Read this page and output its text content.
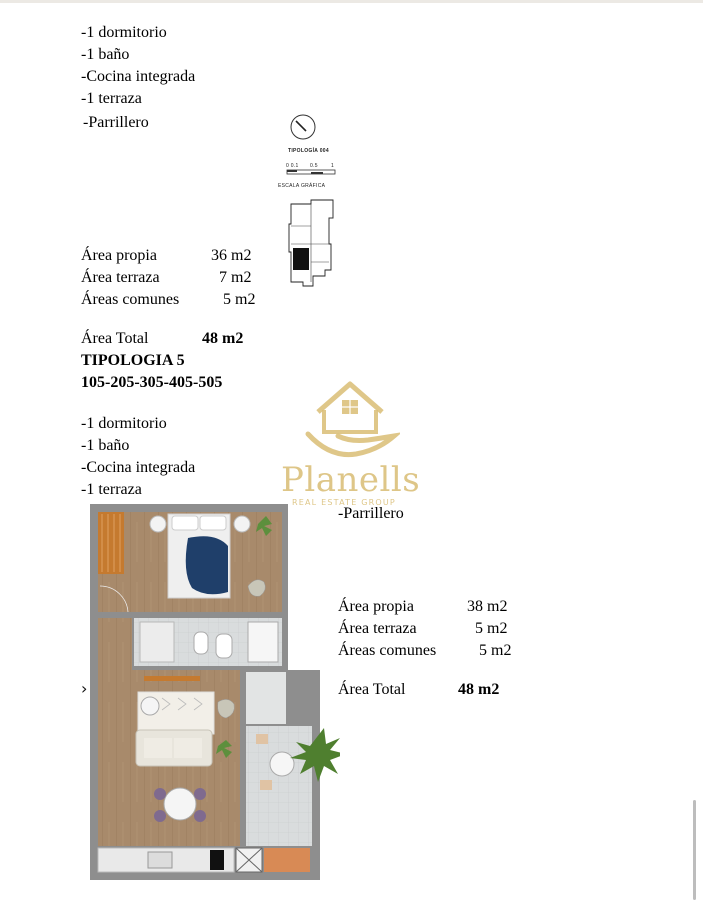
-1 dormitorio
-1 baño
-Cocina integrada
-1 terraza
-Parrillero
TIPOLOGÍA 004
0 0.1 0.5	1
ESCALA GRÁFICA
Área propia	36 m2
Área terraza	7 m2
Áreas comunes	5 m2
Área Total	48 m2
TIPOLOGIA 5
105-205-305-405-505
-1 dormitorio
-1 baño
-Cocina integrada
-1 terraza
-Parrillero
Planells
REAL ESTATE GROUP
Área propia	38 m2
Área terraza	5 m2
Áreas comunes	5 m2
Área Total	48 m2
›
